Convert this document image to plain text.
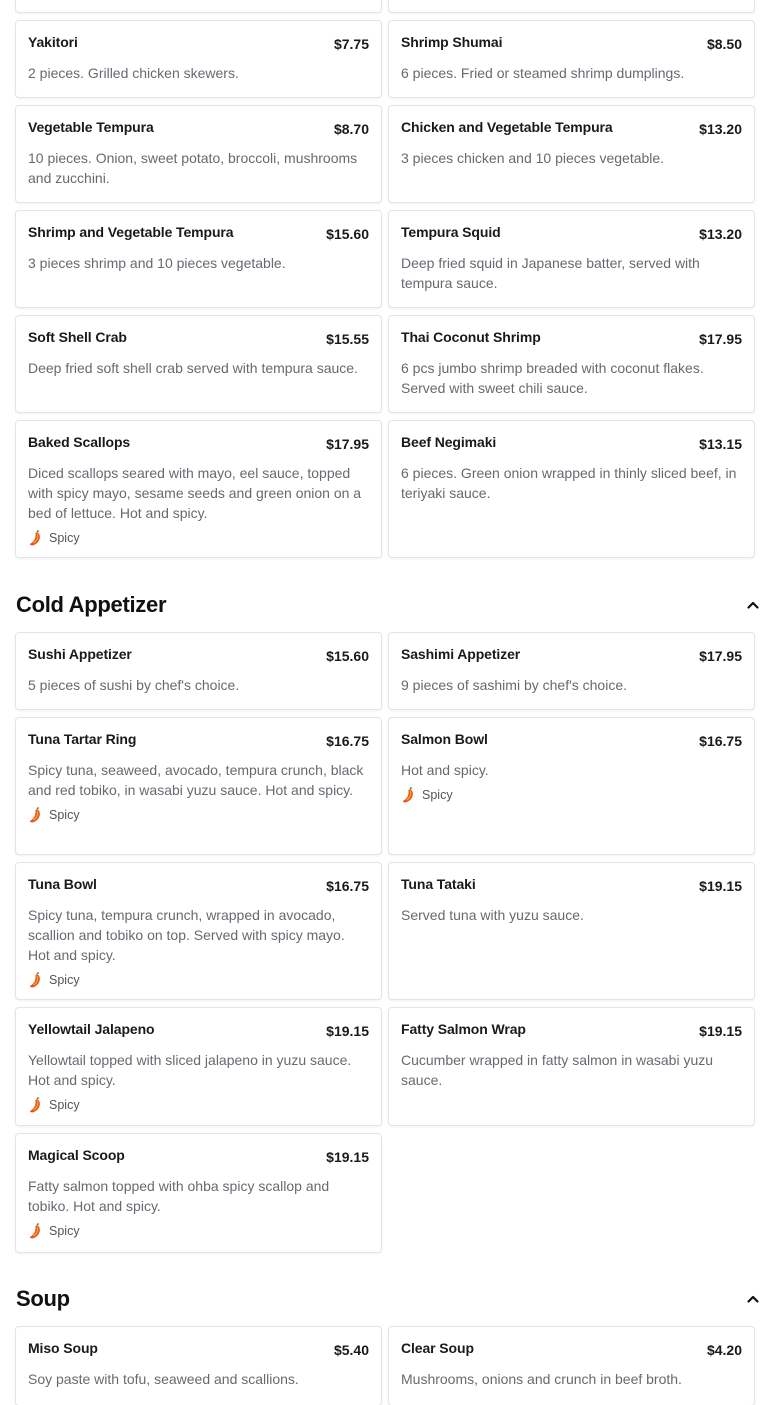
Yakitori	$7.75
2 pieces. Grilled chicken skewers.
Shrimp Shumai	$8.50
6 pieces. Fried or steamed shrimp dumplings.
Vegetable Tempura	$8.70
10 pieces. Onion, sweet potato, broccoli, mushrooms and zucchini.
Chicken and Vegetable Tempura	$13.20
3 pieces chicken and 10 pieces vegetable.
Shrimp and Vegetable Tempura	$15.60
3 pieces shrimp and 10 pieces vegetable.
Tempura Squid	$13.20
Deep fried squid in Japanese batter, served with tempura sauce.
Soft Shell Crab	$15.55
Deep fried soft shell crab served with tempura sauce.
Thai Coconut Shrimp	$17.95
6 pcs jumbo shrimp breaded with coconut flakes. Served with sweet chili sauce.
Baked Scallops	$17.95
Diced scallops seared with mayo, eel sauce, topped with spicy mayo, sesame seeds and green onion on a bed of lettuce. Hot and spicy.
Spicy
Beef Negimaki	$13.15
6 pieces. Green onion wrapped in thinly sliced beef, in teriyaki sauce.
Cold Appetizer
Sushi Appetizer	$15.60
5 pieces of sushi by chef's choice.
Sashimi Appetizer	$17.95
9 pieces of sashimi by chef's choice.
Tuna Tartar Ring	$16.75
Spicy tuna, seaweed, avocado, tempura crunch, black and red tobiko, in wasabi yuzu sauce. Hot and spicy.
Spicy
Salmon Bowl	$16.75
Hot and spicy.
Spicy
Tuna Bowl	$16.75
Spicy tuna, tempura crunch, wrapped in avocado, scallion and tobiko on top. Served with spicy mayo. Hot and spicy.
Spicy
Tuna Tataki	$19.15
Served tuna with yuzu sauce.
Yellowtail Jalapeno	$19.15
Yellowtail topped with sliced jalapeno in yuzu sauce. Hot and spicy.
Spicy
Fatty Salmon Wrap	$19.15
Cucumber wrapped in fatty salmon in wasabi yuzu sauce.
Magical Scoop	$19.15
Fatty salmon topped with ohba spicy scallop and tobiko. Hot and spicy.
Spicy
Soup
Miso Soup	$5.40
Soy paste with tofu, seaweed and scallions.
Clear Soup	$4.20
Mushrooms, onions and crunch in beef broth.
